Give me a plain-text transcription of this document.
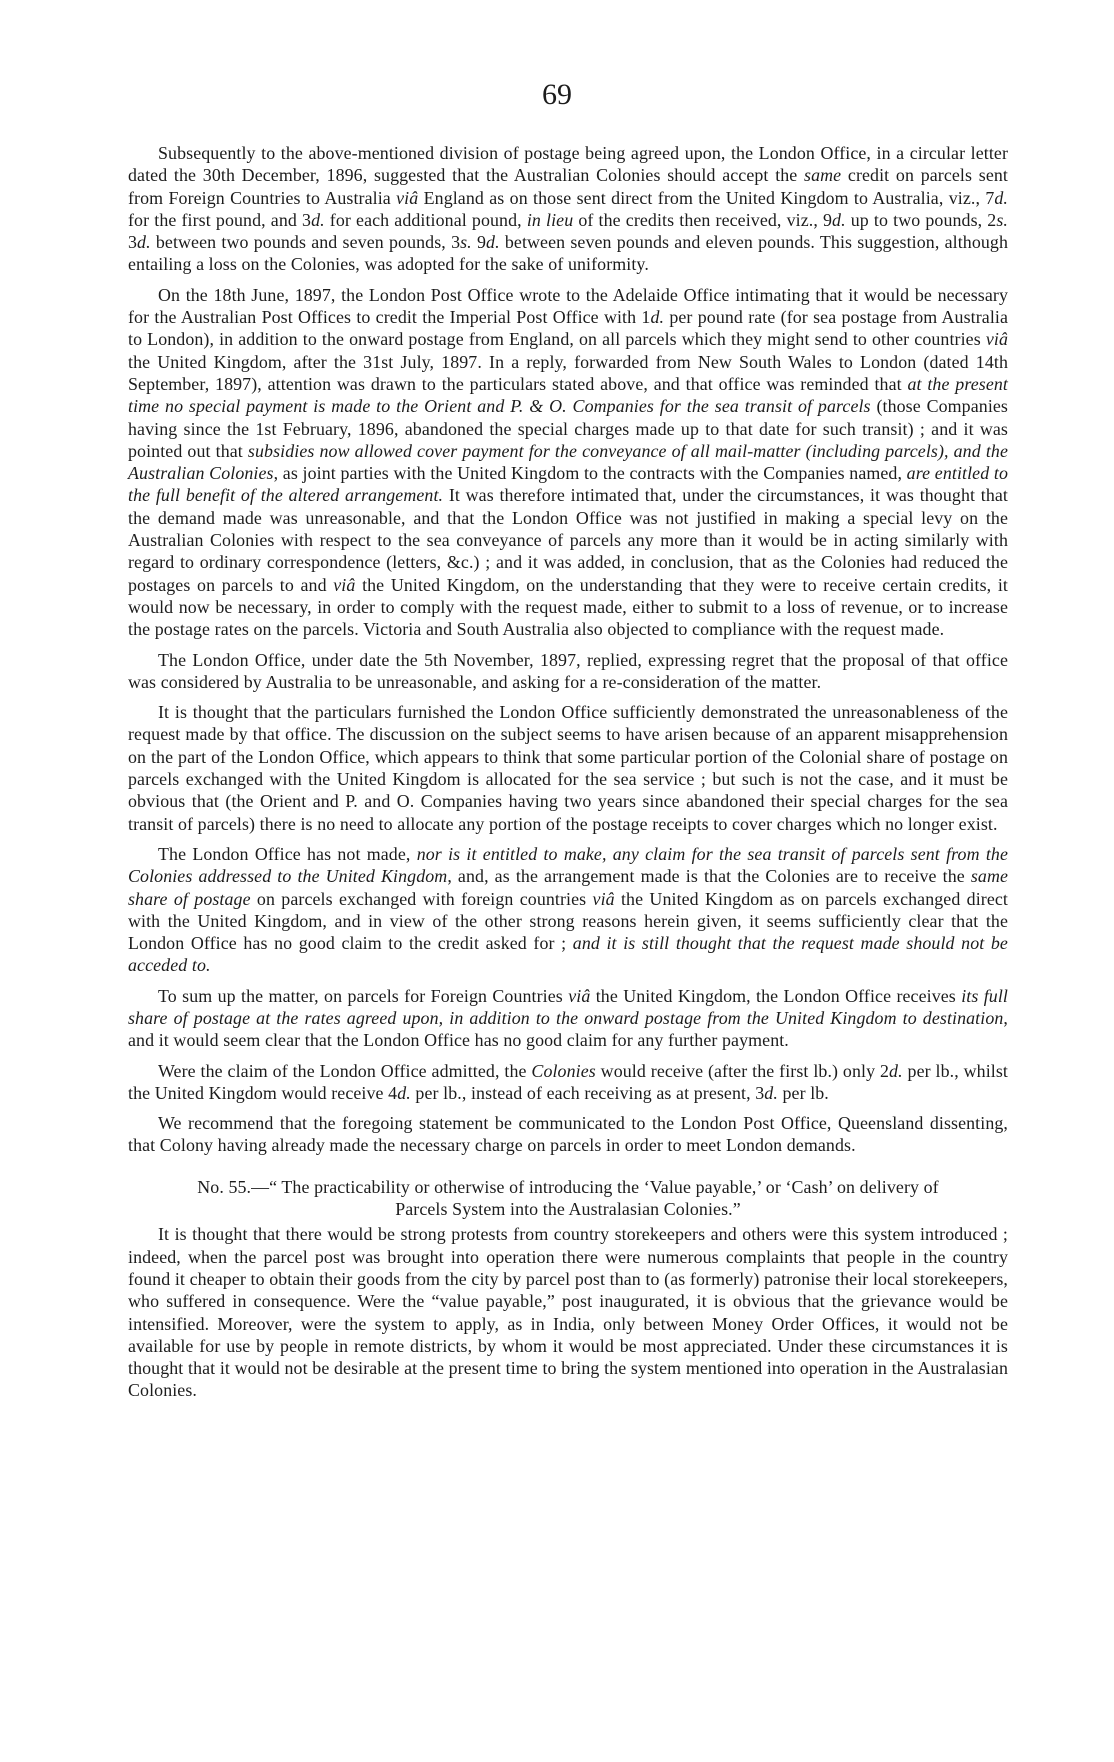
69

Subsequently to the above-mentioned division of postage being agreed upon, the London Office, in a circular letter dated the 30th December, 1896, suggested that the Australian Colonies should accept the same credit on parcels sent from Foreign Countries to Australia viâ England as on those sent direct from the United Kingdom to Australia, viz., 7d. for the first pound, and 3d. for each additional pound, in lieu of the credits then received, viz., 9d. up to two pounds, 2s. 3d. between two pounds and seven pounds, 3s. 9d. between seven pounds and eleven pounds. This suggestion, although entailing a loss on the Colonies, was adopted for the sake of uniformity.

On the 18th June, 1897, the London Post Office wrote to the Adelaide Office intimating that it would be necessary for the Australian Post Offices to credit the Imperial Post Office with 1d. per pound rate (for sea postage from Australia to London), in addition to the onward postage from England, on all parcels which they might send to other countries viâ the United Kingdom, after the 31st July, 1897. In a reply, forwarded from New South Wales to London (dated 14th September, 1897), attention was drawn to the particulars stated above, and that office was reminded that at the present time no special payment is made to the Orient and P. & O. Companies for the sea transit of parcels (those Companies having since the 1st February, 1896, abandoned the special charges made up to that date for such transit) ; and it was pointed out that subsidies now allowed cover payment for the conveyance of all mail-matter (including parcels), and the Australian Colonies, as joint parties with the United Kingdom to the contracts with the Companies named, are entitled to the full benefit of the altered arrangement. It was therefore intimated that, under the circumstances, it was thought that the demand made was unreasonable, and that the London Office was not justified in making a special levy on the Australian Colonies with respect to the sea conveyance of parcels any more than it would be in acting similarly with regard to ordinary correspondence (letters, &c.) ; and it was added, in conclusion, that as the Colonies had reduced the postages on parcels to and viâ the United Kingdom, on the understanding that they were to receive certain credits, it would now be necessary, in order to comply with the request made, either to submit to a loss of revenue, or to increase the postage rates on the parcels. Victoria and South Australia also objected to compliance with the request made.

The London Office, under date the 5th November, 1897, replied, expressing regret that the proposal of that office was considered by Australia to be unreasonable, and asking for a re-consideration of the matter.

It is thought that the particulars furnished the London Office sufficiently demonstrated the unreasonableness of the request made by that office. The discussion on the subject seems to have arisen because of an apparent misapprehension on the part of the London Office, which appears to think that some particular portion of the Colonial share of postage on parcels exchanged with the United Kingdom is allocated for the sea service ; but such is not the case, and it must be obvious that (the Orient and P. and O. Companies having two years since abandoned their special charges for the sea transit of parcels) there is no need to allocate any portion of the postage receipts to cover charges which no longer exist.

The London Office has not made, nor is it entitled to make, any claim for the sea transit of parcels sent from the Colonies addressed to the United Kingdom, and, as the arrangement made is that the Colonies are to receive the same share of postage on parcels exchanged with foreign countries viâ the United Kingdom as on parcels exchanged direct with the United Kingdom, and in view of the other strong reasons herein given, it seems sufficiently clear that the London Office has no good claim to the credit asked for ; and it is still thought that the request made should not be acceded to.

To sum up the matter, on parcels for Foreign Countries viâ the United Kingdom, the London Office receives its full share of postage at the rates agreed upon, in addition to the onward postage from the United Kingdom to destination, and it would seem clear that the London Office has no good claim for any further payment.

Were the claim of the London Office admitted, the Colonies would receive (after the first lb.) only 2d. per lb., whilst the United Kingdom would receive 4d. per lb., instead of each receiving as at present, 3d. per lb.

We recommend that the foregoing statement be communicated to the London Post Office, Queensland dissenting, that Colony having already made the necessary charge on parcels in order to meet London demands.

No. 55.—“ The practicability or otherwise of introducing the ‘Value payable,’ or ‘Cash’ on delivery of Parcels System into the Australasian Colonies.”

It is thought that there would be strong protests from country storekeepers and others were this system introduced ; indeed, when the parcel post was brought into operation there were numerous complaints that people in the country found it cheaper to obtain their goods from the city by parcel post than to (as formerly) patronise their local storekeepers, who suffered in consequence. Were the “value payable,” post inaugurated, it is obvious that the grievance would be intensified. Moreover, were the system to apply, as in India, only between Money Order Offices, it would not be available for use by people in remote districts, by whom it would be most appreciated. Under these circumstances it is thought that it would not be desirable at the present time to bring the system mentioned into operation in the Australasian Colonies.
